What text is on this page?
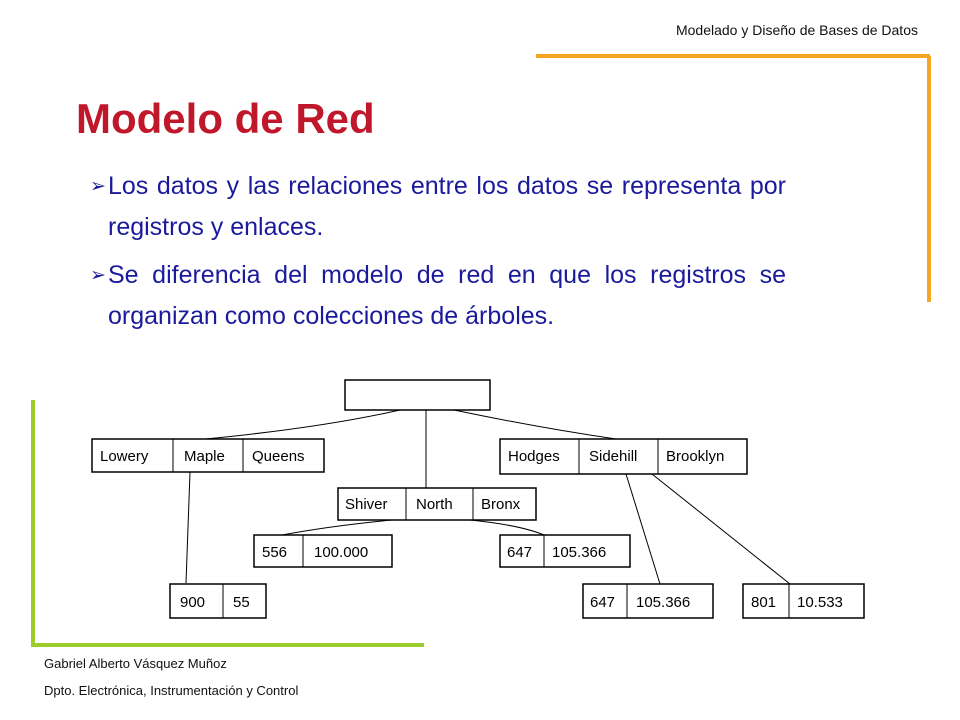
Modelado y Diseño de Bases de Datos
Modelo de Red
➢ Los datos y las relaciones entre los datos se representa por registros y enlaces.
➢ Se diferencia del modelo de red en que los registros se organizan como colecciones de árboles.
Lowery Maple Queens
Shiver North Bronx
Hodges Sidehill Brooklyn
556 100.000	647 105.366
900 55	647 105.366	801 10.533
Gabriel Alberto Vásquez Muñoz
Dpto. Electrónica, Instrumentación y Control
